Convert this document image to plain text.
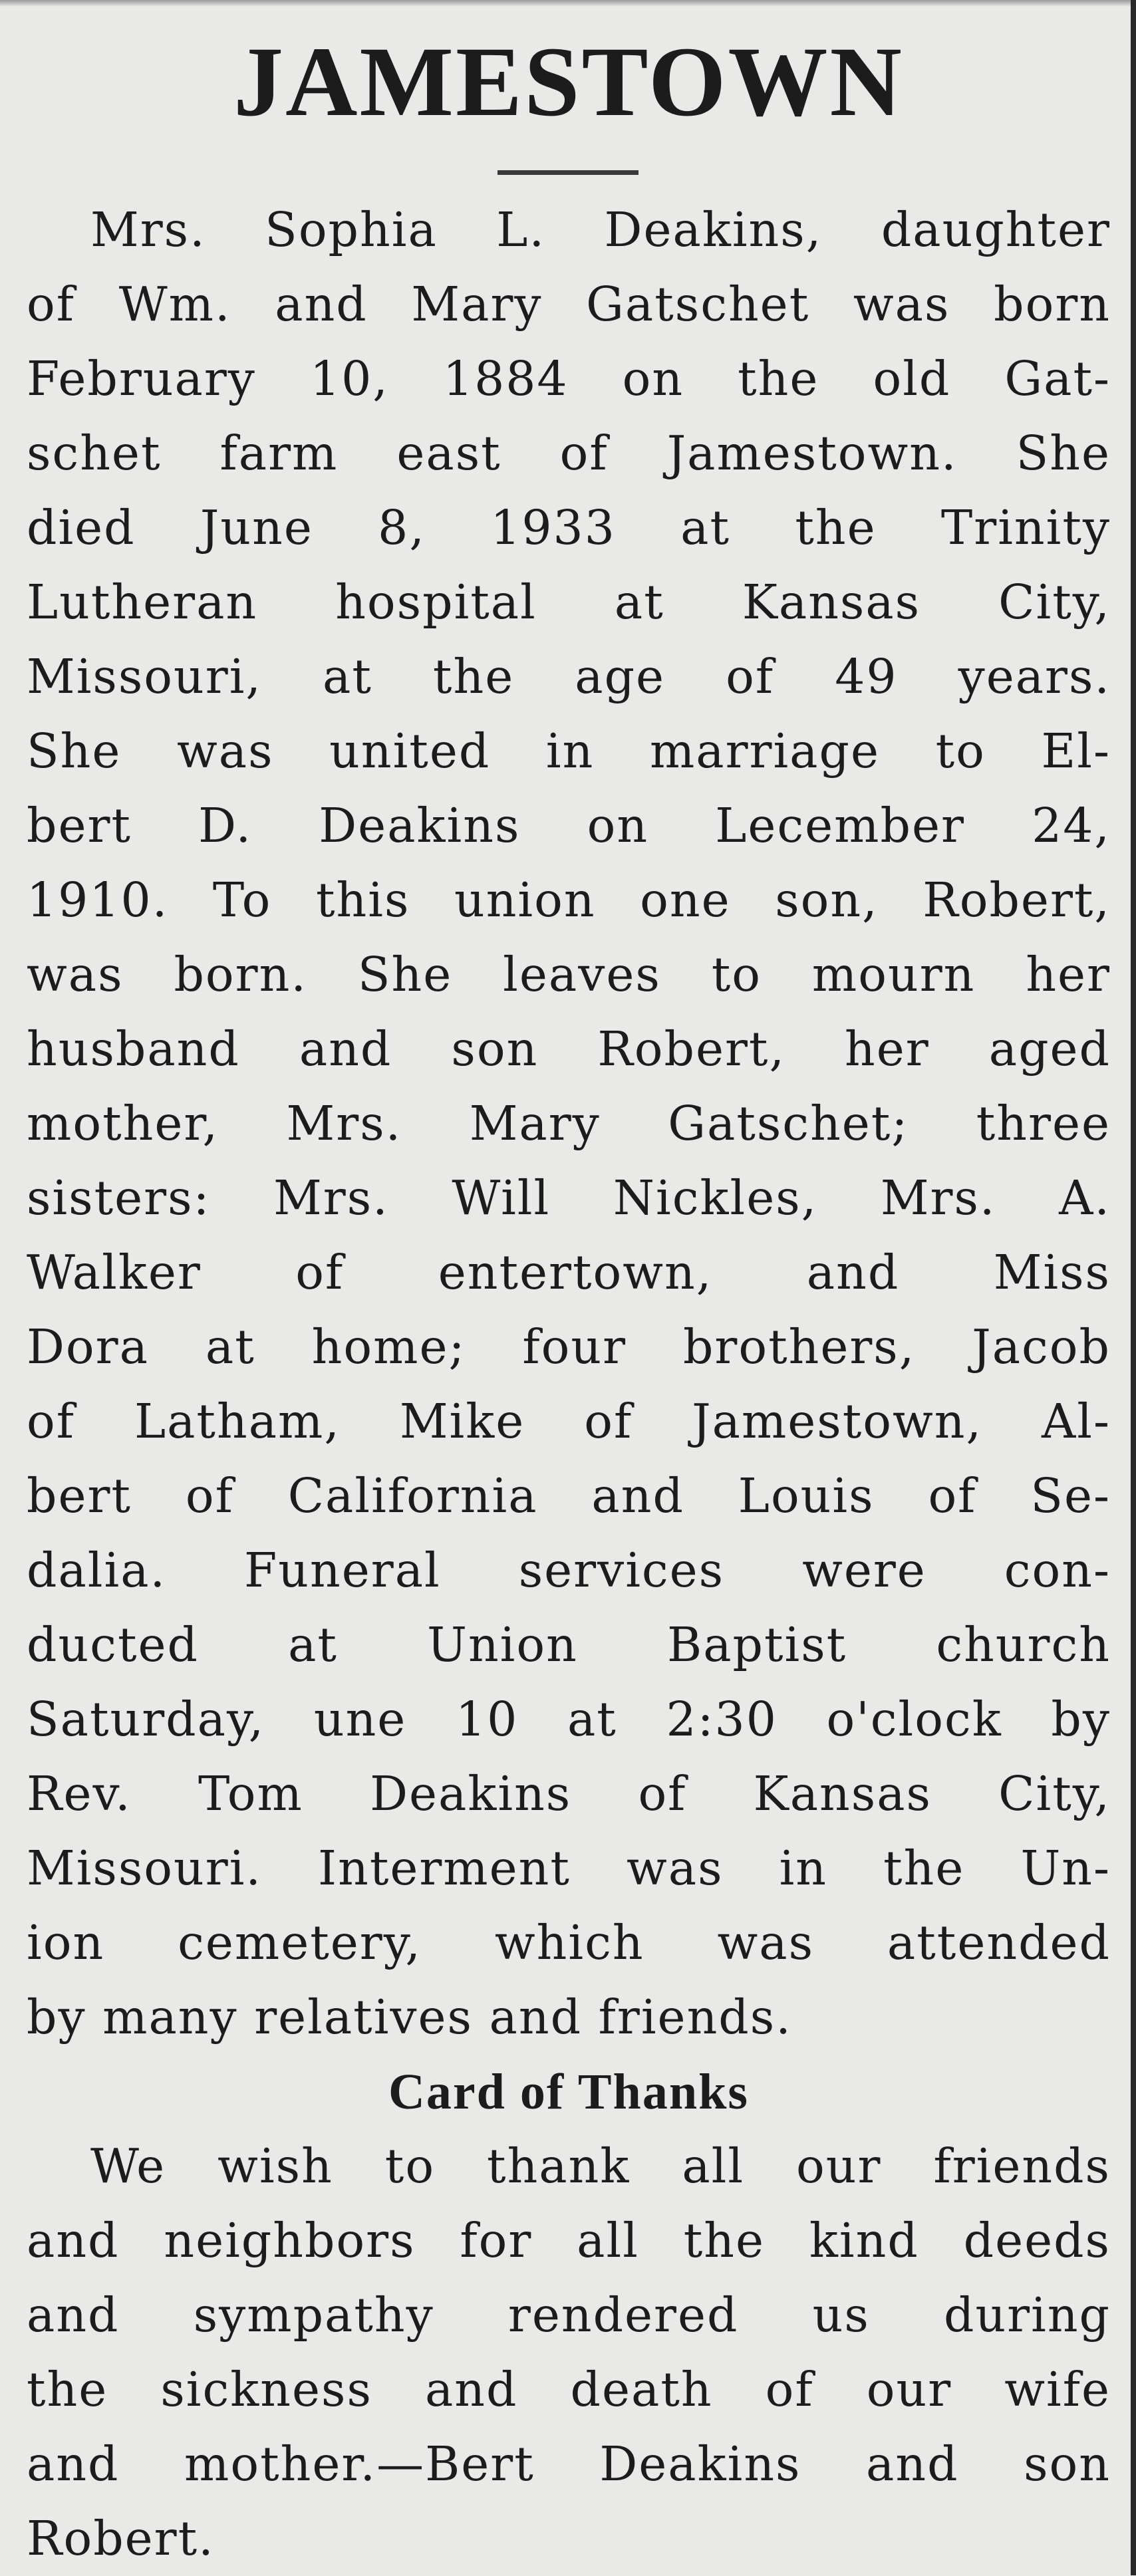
JAMESTOWN
Mrs. Sophia L. Deakins, daughter
of Wm. and Mary Gatschet was born
February 10, 1884 on the old Gat-
schet farm east of Jamestown. She
died June 8, 1933 at the Trinity
Lutheran hospital at Kansas City,
Missouri, at the age of 49 years.
She was united in marriage to El-
bert D. Deakins on Lecember 24,
1910. To this union one son, Robert,
was born. She leaves to mourn her
husband and son Robert, her aged
mother, Mrs. Mary Gatschet; three
sisters: Mrs. Will Nickles, Mrs. A.
Walker of entertown, and Miss
Dora at home; four brothers, Jacob
of Latham, Mike of Jamestown, Al-
bert of California and Louis of Se-
dalia. Funeral services were con-
ducted at Union Baptist church
Saturday, une 10 at 2:30 o'clock by
Rev. Tom Deakins of Kansas City,
Missouri. Interment was in the Un-
ion cemetery, which was attended
by many relatives and friends.
Card of Thanks
We wish to thank all our friends
and neighbors for all the kind deeds
and sympathy rendered us during
the sickness and death of our wife
and mother.—Bert Deakins and son
Robert.
